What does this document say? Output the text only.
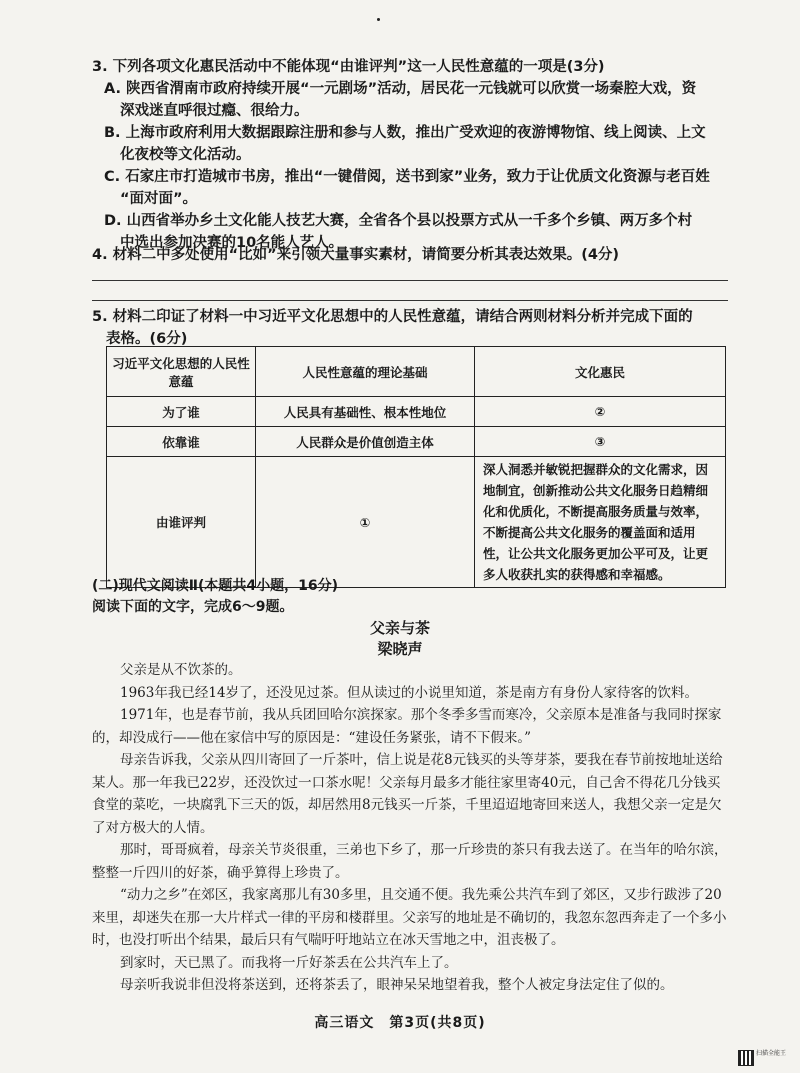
3. 下列各项文化惠民活动中不能体现“由谁评判”这一人民性意蕴的一项是(3分)
A. 陕西省渭南市政府持续开展“一元剧场”活动，居民花一元钱就可以欣赏一场秦腔大戏，资
深戏迷直呼很过瘾、很给力。
B. 上海市政府利用大数据跟踪注册和参与人数，推出广受欢迎的夜游博物馆、线上阅读、上文
化夜校等文化活动。
C. 石家庄市打造城市书房，推出“一键借阅，送书到家”业务，致力于让优质文化资源与老百姓
“面对面”。
D. 山西省举办乡土文化能人技艺大赛，全省各个县以投票方式从一千多个乡镇、两万多个村
中选出参加决赛的10名能人艺人。
4. 材料二中多处使用“比如”来引领大量事实素材，请简要分析其表达效果。(4分)
5. 材料二印证了材料一中习近平文化思想中的人民性意蕴，请结合两则材料分析并完成下面的
表格。(6分)
习近平文化思想的人民性意蕴	人民性意蕴的理论基础	文化惠民
为了谁	人民具有基础性、根本性地位	②
依靠谁	人民群众是价值创造主体	③
由谁评判	①	深人洞悉并敏锐把握群众的文化需求，因地制宜，创新推动公共文化服务日趋精细化和优质化，不断提高服务质量与效率，不断提高公共文化服务的覆盖面和适用性，让公共文化服务更加公平可及，让更多人收获扎实的获得感和幸福感。
(二)现代文阅读Ⅱ(本题共4小题，16分)
阅读下面的文字，完成6～9题。
父亲与茶
梁晓声

父亲是从不饮茶的。

1963年我已经14岁了，还没见过茶。但从读过的小说里知道，茶是南方有身份人家待客的饮料。

1971年，也是春节前，我从兵团回哈尔滨探家。那个冬季多雪而寒冷，父亲原本是准备与我同时探家的，却没成行——他在家信中写的原因是：“建设任务紧张，请不下假来。”

母亲告诉我，父亲从四川寄回了一斤茶叶，信上说是花8元钱买的头等芽茶，要我在春节前按地址送给某人。那一年我已22岁，还没饮过一口茶水呢！父亲每月最多才能往家里寄40元，自己舍不得花几分钱买食堂的菜吃，一块腐乳下三天的饭，却居然用8元钱买一斤茶，千里迢迢地寄回来送人，我想父亲一定是欠了对方极大的人情。

那时，哥哥疯着，母亲关节炎很重，三弟也下乡了，那一斤珍贵的茶只有我去送了。在当年的哈尔滨，整整一斤四川的好茶，确乎算得上珍贵了。

“动力之乡”在郊区，我家离那儿有30多里，且交通不便。我先乘公共汽车到了郊区，又步行跋涉了20来里，却迷失在那一大片样式一律的平房和楼群里。父亲写的地址是不确切的，我忽东忽西奔走了一个多小时，也没打听出个结果，最后只有气喘吁吁地站立在冰天雪地之中，沮丧极了。

到家时，天已黑了。而我将一斤好茶丢在公共汽车上了。

母亲听我说非但没将茶送到，还将茶丢了，眼神呆呆地望着我，整个人被定身法定住了似的。

高三语文　第3页(共8页)
扫描全能王
